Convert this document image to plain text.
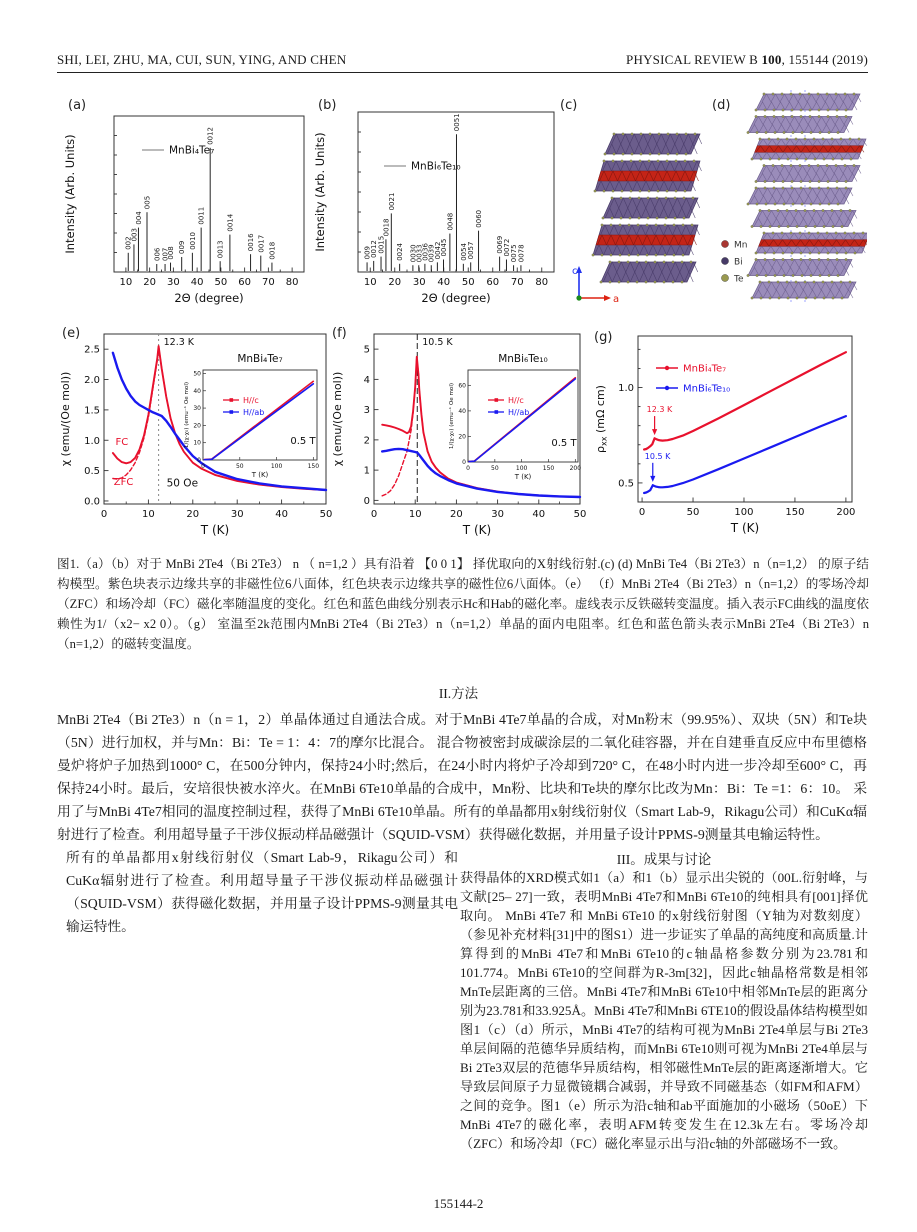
SHI, LEI, ZHU, MA, CUI, SUN, YING, AND CHEN	PHYSICAL REVIEW B 100, 155144 (2019)
(a)	(b)	(c)	(d)
(e)	(f)	(g)
10 20 30 40 50 60 70 80
2Θ (degree)
Intensity (Arb. Units)	MnBi₄Te₇
002
003
004
005
006 007
008 009 0010
0011
0012
0013
0014
0016 0017 0018
10 20 30 40 50 60 70 80
2Θ (degree)
Intensity (Arb. Units)	MnBi₆Te₁₀
009
0012 0015
0018
0021
0024 0030
0033
0036
0039
0042
0045
0048
0051
0054 0057
0060
0069
0072 0075 0078	Mn
Bi
Te
c
a
0	10	20	30	40	50
0.0
0.5
1.0
1.5
2.0
2.5
T (K)
χ (emu/(Oe mol))
12.3 K
FC
ZFC	50 Oe
MnBi₄Te₇
0	50	100	150
0
10
20
30
40
50
1/(χ-χ₀) (emu⁻¹ Oe mol)
T (K)
H//c
H//ab
0.5 T
0	10	20	30	40	50
0
1
2
3
4
5
T (K)
χ (emu/(Oe mol))
10.5 K
MnBi₆Te₁₀
0	50	100	150	200
0
20
40
60
1/(χ-χ₀) (emu⁻¹ Oe mol)
T (K)
H//c
H//ab
0.5 T
0	50	100	150	200
0.5
1.0
T (K)
$\rho_{xx}$ (mΩ cm)
MnBi₄Te₇
MnBi₆Te₁₀
12.3 K
10.5 K
图1.（a）（b）对于 MnBi 2Te4（Bi 2Te3） n （ n=1,2 ）具有沿着 【0 0 1】 择优取向的X射线衍射.(c) (d) MnBi Te4（Bi 2Te3）n（n=1,2） 的原子结构模型。紫色块表示边缘共享的非磁性位6八面体，红色块表示边缘共享的磁性位6八面体。（e） （f）MnBi 2Te4（Bi 2Te3）n（n=1,2）的零场冷却（ZFC）和场冷却（FC）磁化率随温度的变化。红色和蓝色曲线分别表示Hc和Hab的磁化率。虚线表示反铁磁转变温度。插入表示FC曲线的温度依赖性为1/（x2− x2 0）。（g） 室温至2k范围内MnBi 2Te4（Bi 2Te3）n（n=1,2）单晶的面内电阻率。红色和蓝色箭头表示MnBi 2Te4（Bi 2Te3）n（n=1,2）的磁转变温度。
II.方法
MnBi 2Te4（Bi 2Te3）n（n = 1，2）单晶体通过自通法合成。对于MnBi 4Te7单晶的合成，对Mn粉末（99.95%）、双块（5N）和Te块（5N）进行加权，并与Mn：Bi：Te = 1：4：7的摩尔比混合。 混合物被密封成碳涂层的二氧化硅容器，并在自建垂直反应中布里德格曼炉将炉子加热到1000° C，在500分钟内，保持24小时;然后，在24小时内将炉子冷却到720° C，在48小时内进一步冷却至600° C，再保持24小时。最后，安培很快被水淬火。在MnBi 6Te10单晶的合成中，Mn粉、比块和Te块的摩尔比改为Mn：Bi：Te =1：6：10。 采用了与MnBi 4Te7相同的温度控制过程，获得了MnBi 6Te10单晶。所有的单晶都用x射线衍射仪（Smart Lab-9，Rikagu公司）和CuKα辐射进行了检查。利用超导量子干涉仪振动样品磁强计（SQUID-VSM）获得磁化数据，并用量子设计PPMS-9测量其电输运特性。
所有的单晶都用x射线衍射仪（Smart Lab-9，Rikagu公司）和CuKα辐射进行了检查。利用超导量子干涉仪振动样品磁强计（SQUID-VSM）获得磁化数据，并用量子设计PPMS-9测量其电输运特性。
III。成果与讨论
获得晶体的XRD模式如1（a）和1（b）显示出尖锐的（00L.衍射峰，与文献[25– 27]一致，表明MnBi 4Te7和MnBi 6Te10的纯相具有[001]择优取向。 MnBi 4Te7 和 MnBi 6Te10 的x射线衍射图（Y轴为对数刻度）（参见补充材料[31]中的图S1）进一步证实了单晶的高纯度和高质量.计算得到的MnBi 4Te7和MnBi 6Te10的c轴晶格参数分别为23.781和101.774。MnBi 6Te10的空间群为R-3m[32]，因此c轴晶格常数是相邻MnTe层距离的三倍。MnBi 4Te7和MnBi 6Te10中相邻MnTe层的距离分别为23.781和33.925Å。MnBi 4Te7和MnBi 6TE10的假设晶体结构模型如图1（c）（d）所示，MnBi 4Te7的结构可视为MnBi 2Te4单层与Bi 2Te3单层间隔的范德华异质结构，而MnBi 6Te10则可视为MnBi 2Te4单层与Bi 2Te3双层的范德华异质结构，相邻磁性MnTe层的距离逐渐增大。它导致层间原子力显微镜耦合减弱，并导致不同磁基态（如FM和AFM）之间的竞争。图1（e）所示为沿c轴和ab平面施加的小磁场（50oE）下MnBi 4Te7的磁化率，表明AFM转变发生在12.3k左右。零场冷却（ZFC）和场冷却（FC）磁化率显示出与沿c轴的外部磁场不一致。
155144-2
